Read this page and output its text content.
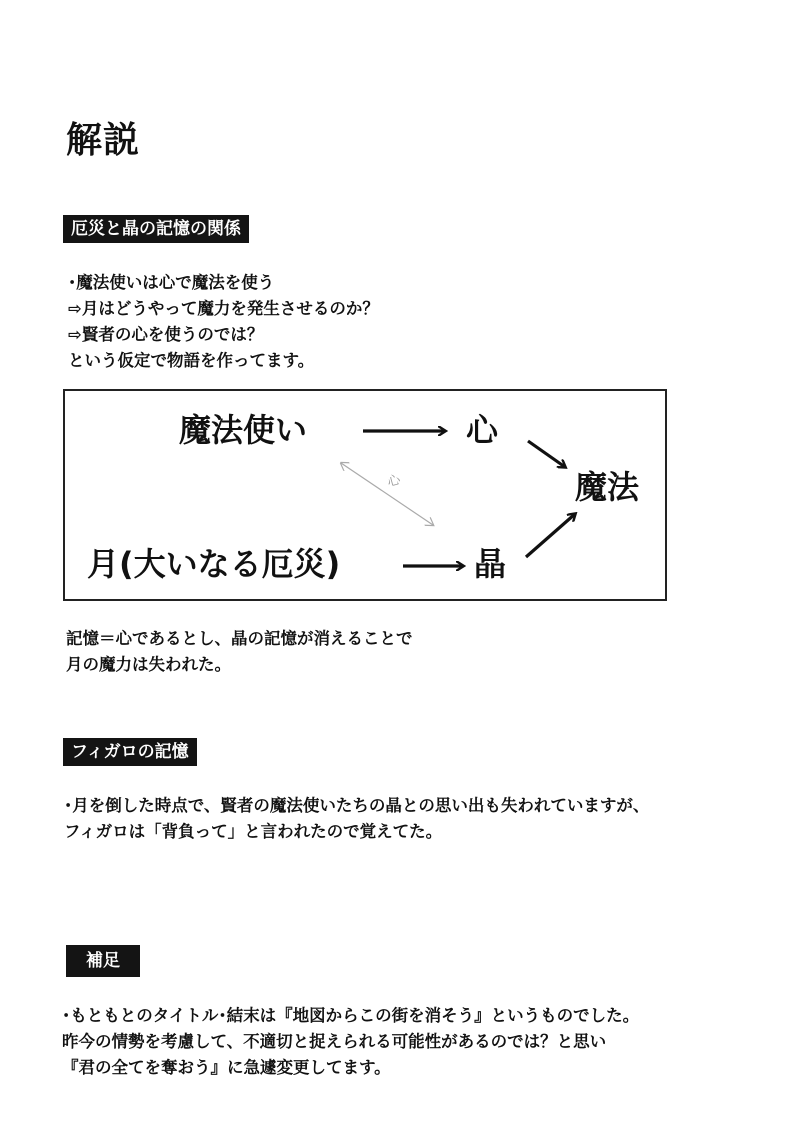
解説
厄災と晶の記憶の関係
･魔法使いは心で魔法を使う
⇨月はどうやって魔力を発生させるのか？
⇨賢者の心を使うのでは？
という仮定で物語を作ってます。
魔法使い	心
魔法
月(大いなる厄災)	晶
心
記憶＝心であるとし、晶の記憶が消えることで
月の魔力は失われた。
フィガロの記憶
･月を倒した時点で、賢者の魔法使いたちの晶との思い出も失われていますが、
フィガロは「背負って」と言われたので覚えてた。
補足
･もともとのタイトル･結末は『地図からこの街を消そう』というものでした。
昨今の情勢を考慮して、不適切と捉えられる可能性があるのでは？と思い
『君の全てを奪おう』に急遽変更してます。
